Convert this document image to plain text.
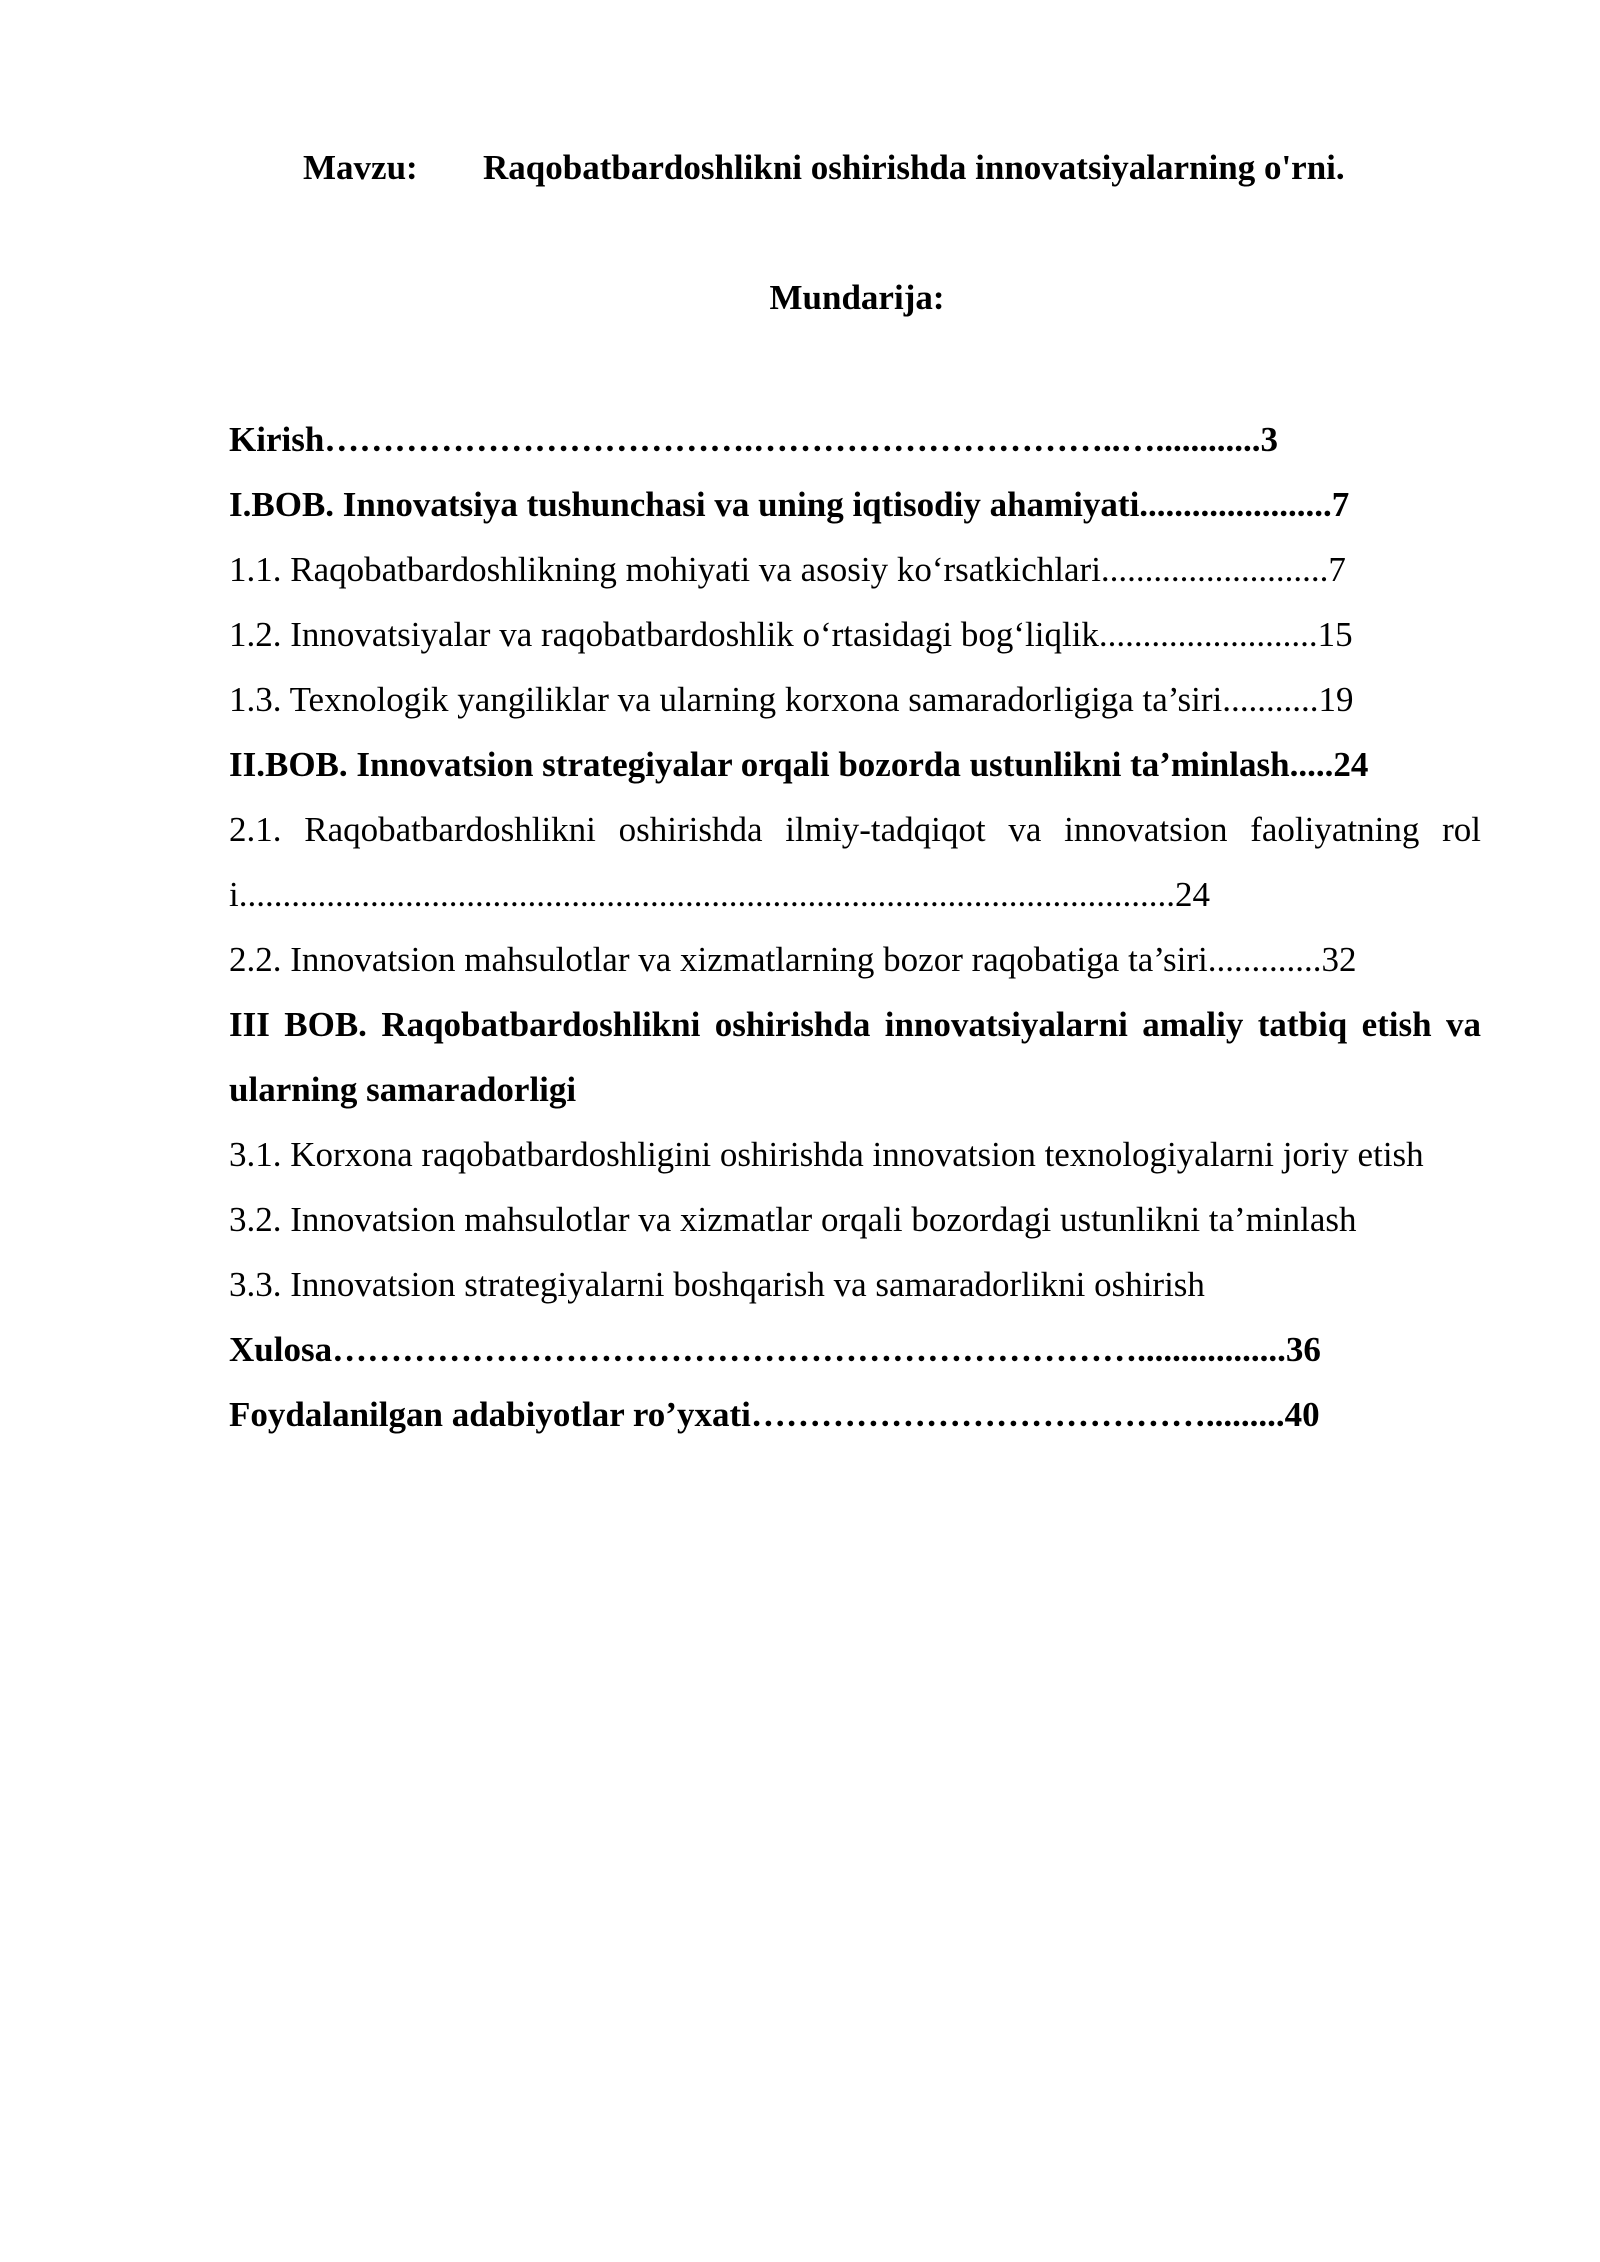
Mavzu: Raqobatbardoshlikni oshirishda innovatsiyalarning o'rni.
Mundarija:
Kirish……………………………….…………………………..…............3
I.BOB. Innovatsiya tushunchasi va uning iqtisodiy ahamiyati......................7
1.1. Raqobatbardoshlikning mohiyati va asosiy ko‘rsatkichlari..........................7
1.2. Innovatsiyalar va raqobatbardoshlik o‘rtasidagi bog‘liqlik.........................15
1.3. Texnologik yangiliklar va ularning korxona samaradorligiga ta’siri...........19
II.BOB. Innovatsion strategiyalar orqali bozorda ustunlikni ta’minlash.....24
2.1. Raqobatbardoshlikni oshirishda ilmiy-tadqiqot va innovatsion faoliyatning roli...........................................................................................................24
2.2. Innovatsion mahsulotlar va xizmatlarning bozor raqobatiga ta’siri.............32
III BOB. Raqobatbardoshlikni oshirishda innovatsiyalarni amaliy tatbiq etish va ularning samaradorligi
3.1. Korxona raqobatbardoshligini oshirishda innovatsion texnologiyalarni joriy etish
3.2. Innovatsion mahsulotlar va xizmatlar orqali bozordagi ustunlikni ta’minlash
3.3. Innovatsion strategiyalarni boshqarish va samaradorlikni oshirish
Xulosa…………………………………………………………….................36
Foydalanilgan adabiyotlar ro’yxati………………………………….........40
